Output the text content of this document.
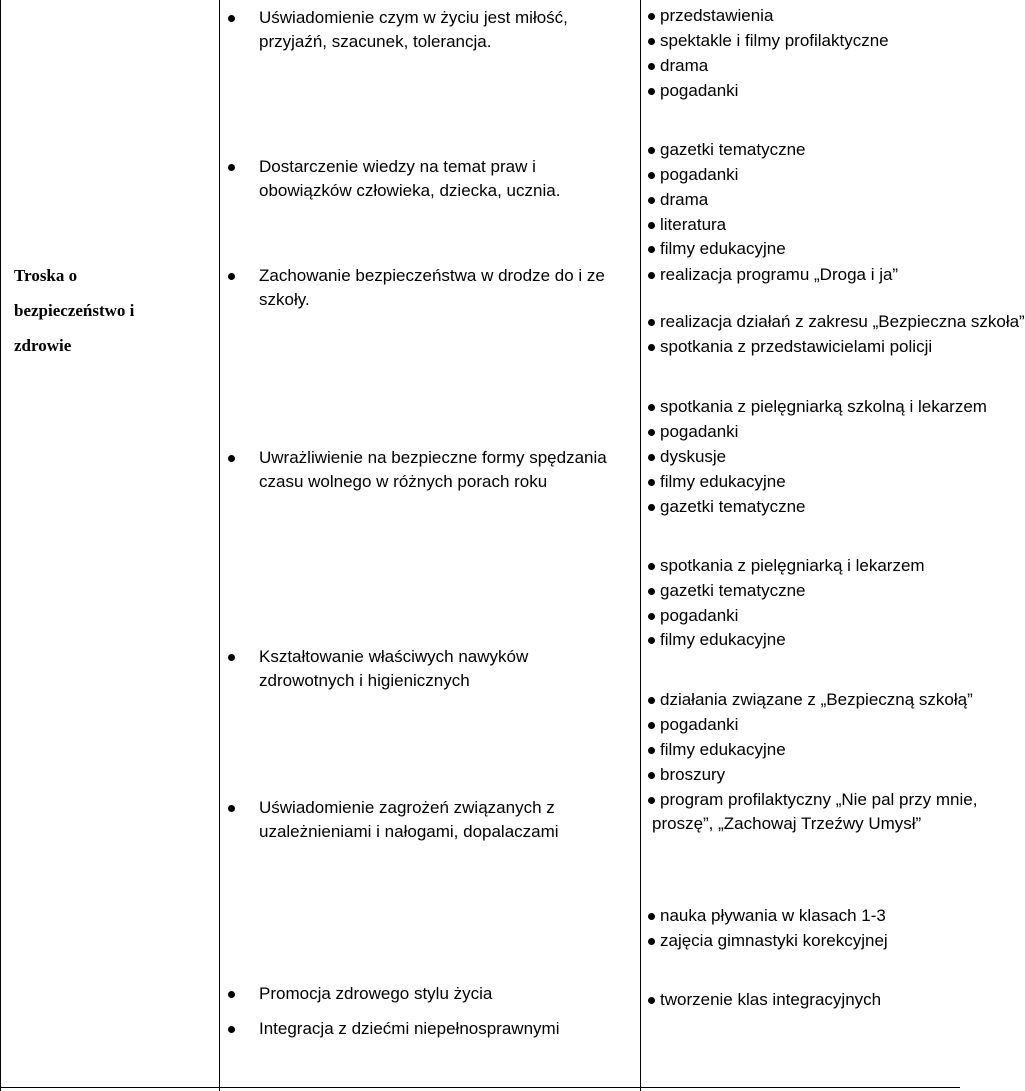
Troska o
bezpieczeństwo i
zdrowie
Uświadomienie czym w życiu jest miłość, przyjaźń, szacunek, tolerancja.
Dostarczenie wiedzy na temat praw i obowiązków człowieka, dziecka, ucznia.
Zachowanie bezpieczeństwa w drodze do i ze szkoły.
Uwrażliwienie na bezpieczne formy spędzania czasu wolnego w różnych porach roku
Kształtowanie właściwych nawyków zdrowotnych i higienicznych
Uświadomienie zagrożeń związanych z uzależnieniami i nałogami, dopalaczami
Promocja zdrowego stylu życia
Integracja z dziećmi niepełnosprawnymi
przedstawienia
spektakle i filmy profilaktyczne
drama
pogadanki
gazetki tematyczne
pogadanki
drama
literatura
filmy edukacyjne
realizacja programu „Droga i ja”
realizacja działań z zakresu „Bezpieczna szkoła”
spotkania z przedstawicielami policji
spotkania z pielęgniarką szkolną i lekarzem
pogadanki
dyskusje
filmy edukacyjne
gazetki tematyczne
spotkania z pielęgniarką i lekarzem
gazetki tematyczne
pogadanki
filmy edukacyjne
działania związane z „Bezpieczną szkołą”
pogadanki
filmy edukacyjne
broszury
program profilaktyczny „Nie pal przy mnie,
proszę”, „Zachowaj Trzeźwy Umysł”
nauka pływania w klasach 1-3
zajęcia gimnastyki korekcyjnej
tworzenie klas integracyjnych
